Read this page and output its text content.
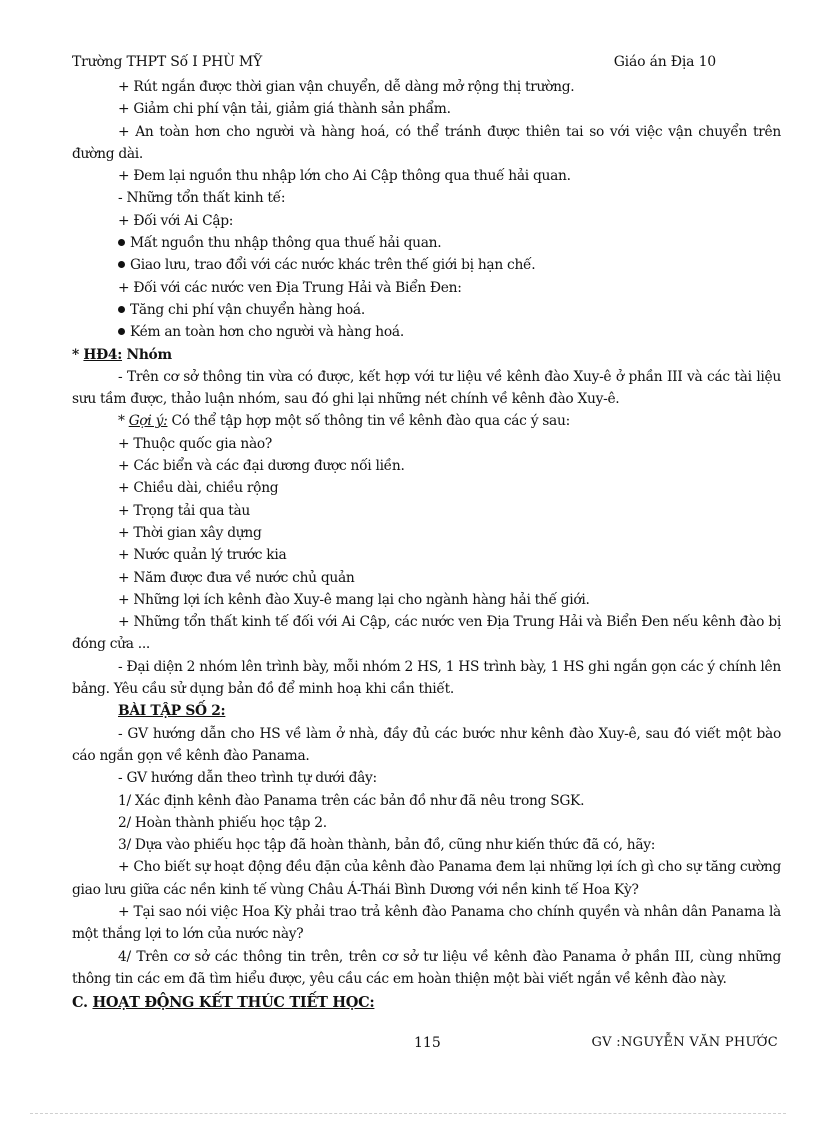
Trường THPT Số I PHÙ MỸ	Giáo án Địa 10

+ Rút ngắn được thời gian vận chuyển, dễ dàng mở rộng thị trường.

+ Giảm chi phí vận tải, giảm giá thành sản phẩm.

+ An toàn hơn cho người và hàng hoá, có thể tránh được thiên tai so với việc vận chuyển trên đường dài.

+ Đem lại nguồn thu nhập lớn cho Ai Cập thông qua thuế hải quan.

- Những tổn thất kinh tế:

+ Đối với Ai Cập:

Mất nguồn thu nhập thông qua thuế hải quan.

Giao lưu, trao đổi với các nước khác trên thế giới bị hạn chế.

+ Đối với các nước ven Địa Trung Hải và Biển Đen:

Tăng chi phí vận chuyển hàng hoá.

Kém an toàn hơn cho người và hàng hoá.

* HĐ4: Nhóm

- Trên cơ sở thông tin vừa có được, kết hợp với tư liệu về kênh đào Xuy-ê ở phần III và các tài liệu sưu tầm được, thảo luận nhóm, sau đó ghi lại những nét chính về kênh đào Xuy-ê.

* Gợi ý: Có thể tập hợp một số thông tin về kênh đào qua các ý sau:

+ Thuộc quốc gia nào?

+ Các biển và các đại dương được nối liền.

+ Chiều dài, chiều rộng

+ Trọng tải qua tàu

+ Thời gian xây dựng

+ Nước quản lý trước kia

+ Năm được đưa về nước chủ quản

+ Những lợi ích kênh đào Xuy-ê mang lại cho ngành hàng hải thế giới.

+ Những tổn thất kinh tế đối với Ai Cập, các nước ven Địa Trung Hải và Biển Đen nếu kênh đào bị đóng cửa ...

- Đại diện 2 nhóm lên trình bày, mỗi nhóm 2 HS, 1 HS trình bày, 1 HS ghi ngắn gọn các ý chính lên bảng. Yêu cầu sử dụng bản đồ để minh hoạ khi cần thiết.

BÀI TẬP SỐ 2:

- GV hướng dẫn cho HS về làm ở nhà, đầy đủ các bước như kênh đào Xuy-ê, sau đó viết một bào cáo ngắn gọn về kênh đào Panama.

- GV hướng dẫn theo trình tự dưới đây:

1/ Xác định kênh đào Panama trên các bản đồ như đã nêu trong SGK.

2/ Hoàn thành phiếu học tập 2.

3/ Dựa vào phiếu học tập đã hoàn thành, bản đồ, cũng như kiến thức đã có, hãy:

+ Cho biết sự hoạt động đều đặn của kênh đào Panama đem lại những lợi ích gì cho sự tăng cường giao lưu giữa các nền kinh tế vùng Châu Á-Thái Bình Dương với nền kinh tế Hoa Kỳ?

+ Tại sao nói việc Hoa Kỳ phải trao trả kênh đào Panama cho chính quyền và nhân dân Panama là một thắng lợi to lớn của nước này?

4/ Trên cơ sở các thông tin trên, trên cơ sở tư liệu về kênh đào Panama ở phần III, cùng những thông tin các em đã tìm hiểu được, yêu cầu các em hoàn thiện một bài viết ngắn về kênh đào này.

C. HOẠT ĐỘNG KẾT THÚC TIẾT HỌC:

115	GV :NGUYỄN VĂN PHƯỚC
